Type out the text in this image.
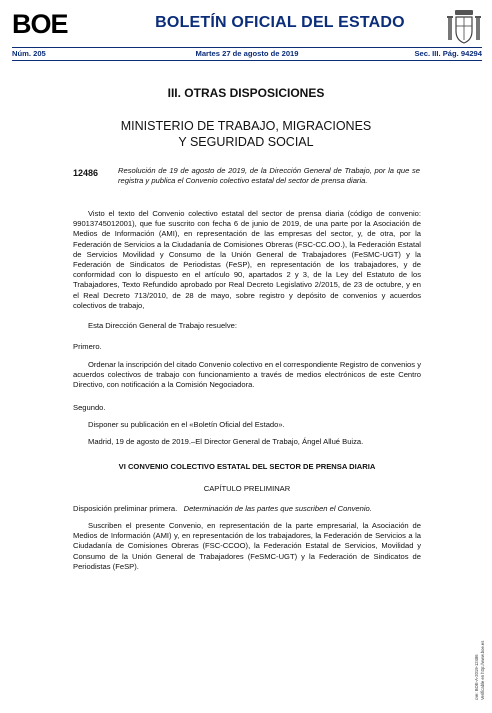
BOE	BOLETÍN OFICIAL DEL ESTADO
Núm. 205	Martes 27 de agosto de 2019	Sec. III. Pág. 94294
III. OTRAS DISPOSICIONES
MINISTERIO DE TRABAJO, MIGRACIONES
Y SEGURIDAD SOCIAL
12486	Resolución de 19 de agosto de 2019, de la Dirección General de Trabajo, por la que se registra y publica el Convenio colectivo estatal del sector de prensa diaria.
Visto el texto del Convenio colectivo estatal del sector de prensa diaria (código de convenio: 99013745012001), que fue suscrito con fecha 6 de junio de 2019, de una parte por la Asociación de Medios de Información (AMI), en representación de las empresas del sector, y, de otra, por la Federación de Servicios a la Ciudadanía de Comisiones Obreras (FSC-CC.OO.), la Federación Estatal de Servicios Movilidad y Consumo de la Unión General de Trabajadores (FeSMC-UGT) y la Federación de Sindicatos de Periodistas (FeSP), en representación de los trabajadores, y de conformidad con lo dispuesto en el artículo 90, apartados 2 y 3, de la Ley del Estatuto de los Trabajadores, Texto Refundido aprobado por Real Decreto Legislativo 2/2015, de 23 de octubre, y en el Real Decreto 713/2010, de 28 de mayo, sobre registro y depósito de convenios y acuerdos colectivos de trabajo,
Esta Dirección General de Trabajo resuelve:
Primero.
Ordenar la inscripción del citado Convenio colectivo en el correspondiente Registro de convenios y acuerdos colectivos de trabajo con funcionamiento a través de medios electrónicos de este Centro Directivo, con notificación a la Comisión Negociadora.
Segundo.
Disponer su publicación en el «Boletín Oficial del Estado».
Madrid, 19 de agosto de 2019.–El Director General de Trabajo, Ángel Allué Buiza.
VI CONVENIO COLECTIVO ESTATAL DEL SECTOR DE PRENSA DIARIA
CAPÍTULO PRELIMINAR
Disposición preliminar primera. Determinación de las partes que suscriben el Convenio.
Suscriben el presente Convenio, en representación de la parte empresarial, la Asociación de Medios de Información (AMI) y, en representación de los trabajadores, la Federación de Servicios a la Ciudadanía de Comisiones Obreras (FSC-CCOO), la Federación Estatal de Servicios, Movilidad y Consumo de la Unión General de Trabajadores (FeSMC-UGT) y la Federación de Sindicatos de Periodistas (FeSP).
cve: BOE-A-2019-12486 Verificable en http://www.boe.es
